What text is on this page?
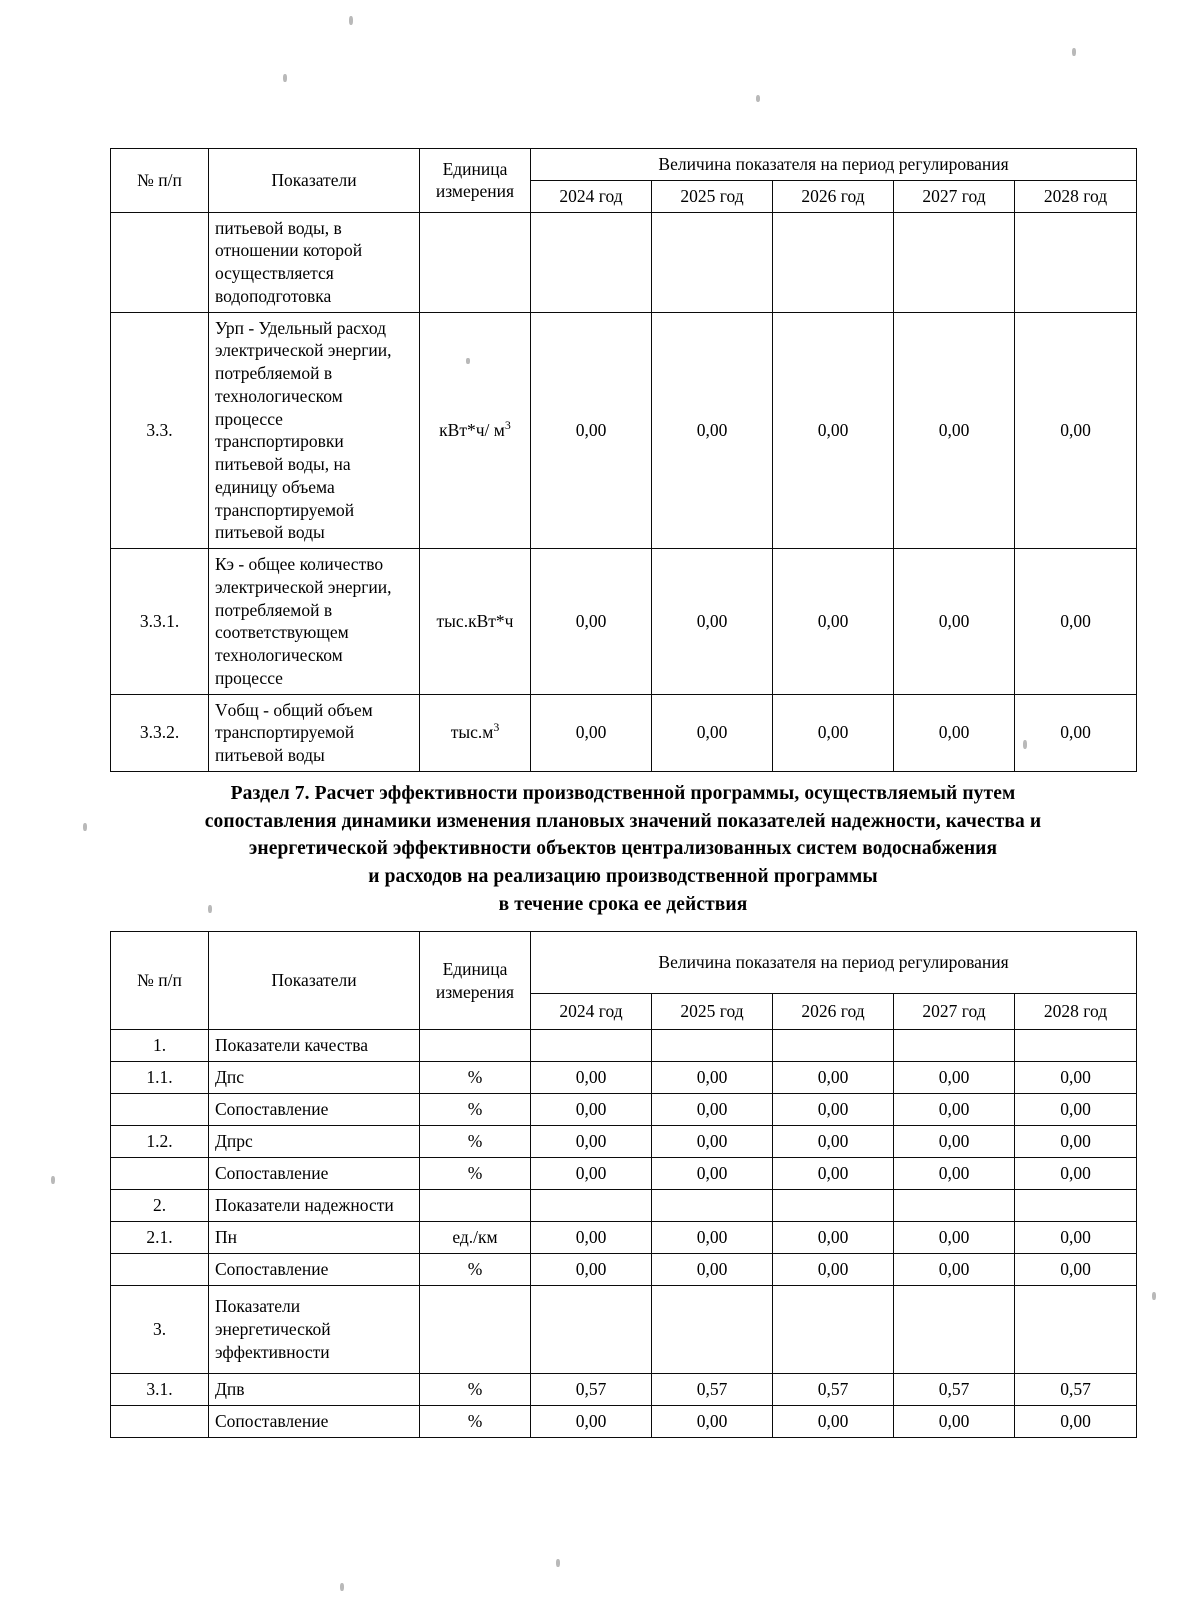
№ п/п	Показатели	Единица
измерения	Величина показателя на период регулирования				
			2024 год	2025 год	2026 год	2027 год	2028 год
	питьевой воды, в отношении которой осуществляется водоподготовка						
3.3.	Урп - Удельный расход электрической энергии, потребляемой в технологическом процессе транспортировки питьевой воды, на единицу объема транспортируемой питьевой воды	кВт*ч/ $м^3$	0,00	0,00	0,00	0,00	0,00
3.3.1.	Кэ - общее количество электрической энергии, потребляемой в соответствующем технологическом процессе	тыс.кВт*ч	0,00	0,00	0,00	0,00	0,00
3.3.2.	Vобщ - общий объем транспортируемой питьевой воды	$тыс.м^3$	0,00	0,00	0,00	0,00	0,00
Раздел 7. Расчет эффективности производственной программы, осуществляемый путем
сопоставления динамики изменения плановых значений показателей надежности, качества и
энергетической эффективности объектов централизованных систем водоснабжения
и расходов на реализацию производственной программы
в течение срока ее действия
№ п/п	Показатели	Единица
измерения	Величина показателя на период регулирования				
			2024 год	2025 год	2026 год	2027 год	2028 год
1.	Показатели качества						
1.1.	Дпс	%	0,00	0,00	0,00	0,00	0,00
	Сопоставление	%	0,00	0,00	0,00	0,00	0,00
1.2.	Дпрс	%	0,00	0,00	0,00	0,00	0,00
	Сопоставление	%	0,00	0,00	0,00	0,00	0,00
2.	Показатели надежности						
2.1.	Пн	ед./км	0,00	0,00	0,00	0,00	0,00
	Сопоставление	%	0,00	0,00	0,00	0,00	0,00
3.	Показатели энергетической эффективности						
3.1.	Дпв	%	0,57	0,57	0,57	0,57	0,57
	Сопоставление	%	0,00	0,00	0,00	0,00	0,00
